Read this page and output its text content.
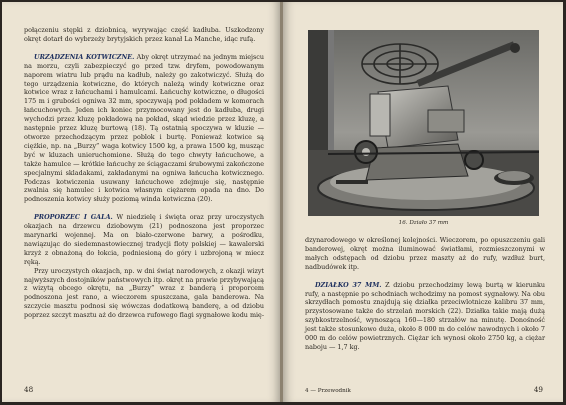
połączeniu stępki z dziobnicą, wyrywając część kadłuba. Uszkodzony okręt dotarł do wybrzeży brytyjskich przez kanał La Manche, idąc rufą.

URZĄDZENIA KOTWICZNE. Aby okręt utrzymać na jednym miejscu na morzu, czyli zabezpieczyć go przed tzw. dryfem, powodowanym naporem wiatru lub prądu na kadłub, należy go zakotwiczyć. Służą do tego urządzenia kotwiczne, do których należą windy kotwiczne oraz kotwice wraz z łańcuchami i hamulcami. Łańcuchy kotwiczne, o długości 175 m i grubości ogniwa 32 mm, spoczywają pod pokładem w komorach łańcuchowych. Jeden ich koniec przymocowany jest do kadłuba, drugi wychodzi przez kluzę pokładową na pokład, skąd wiedzie przez kluzę, a następnie przez kluzę burtową (18). Tą ostatnią spoczywa w kluzie — otworze przechodzącym przez poblok i burtę. Ponieważ kotwice są ciężkie, np. na „Burzy” waga kotwicy 1500 kg, a prawa 1500 kg, musząc być w kluzach unieruchomione. Służą do tego chwyty łańcuchowe, a także hamulce — krótkie łańcuchy ze ściągaczami śrubowymi zakończone specjalnymi skladakami, zakładanymi na ogniwa łańcucha kotwicznego. Podczas kotwiczenia usuwany łańcuchowe zdejmuje się, następnie zwalnia się hamulec i kotwica własnym ciężarem opada na dno. Do podnoszenia kotwicy służy poziomą winda kotwiczna (20).

PROPORZEC I GALA. W niedzielę i święta oraz przy uroczystych okazjach na drzewcu dziobowym (21) podnoszona jest proporzec marynarki wojennej. Ma on biało-czerwone barwy, a pośrodku, nawiązując do siedemnastowiecznej tradycji floty polskiej — kawalerski krzyż z obnażoną do łokcia, podniesioną do góry i uzbrojoną w miecz ręką.

Przy uroczystych okazjach, np. w dni świąt narodowych, z okazji wizyt najwyższych dostojników państwowych itp. okręt na prawie przybywającą z wizytą obcego okrętu, na „Burzy” wraz z banderą i proporcem podnoszona jest rano, a wieczorem spuszczana, gala banderowa. Na szczycie masztu podnosi się wówczas dodatkową banderę, a od dziobu poprzez szczyt masztu aż do drzewca rufowego flagi sygnałowe kodu mię-

48
16. Działo 37 mm

dzynarodowego w określonej kolejności. Wieczorem, po opuszczeniu gali banderowej, okręt można iluminować światłami, rozmieszczonymi w małych odstępach od dziobu przez maszty aż do rufy, wzdłuż burt, nadbudówek itp.

DZIAŁKO 37 MM. Z dziobu przechodzimy lewą burtą w kierunku rufy, a następnie po schodniach wchodzimy na pomost sygnałowy. Na obu skrzydłach pomostu znajdują się działka przeciwlotnicze kalibru 37 mm, przystosowane także do strzelań morskich (22). Działka takie mają dużą szybkostrzelność, wynoszącą 160—180 strzałów na minutę. Donośność jest także stosunkowo duża, około 8 000 m do celów nawodnych i około 7 000 m do celów powietrznych. Ciężar ich wynosi około 2750 kg, a ciężar naboju — 1,7 kg.

4 — Przewodnik	49
